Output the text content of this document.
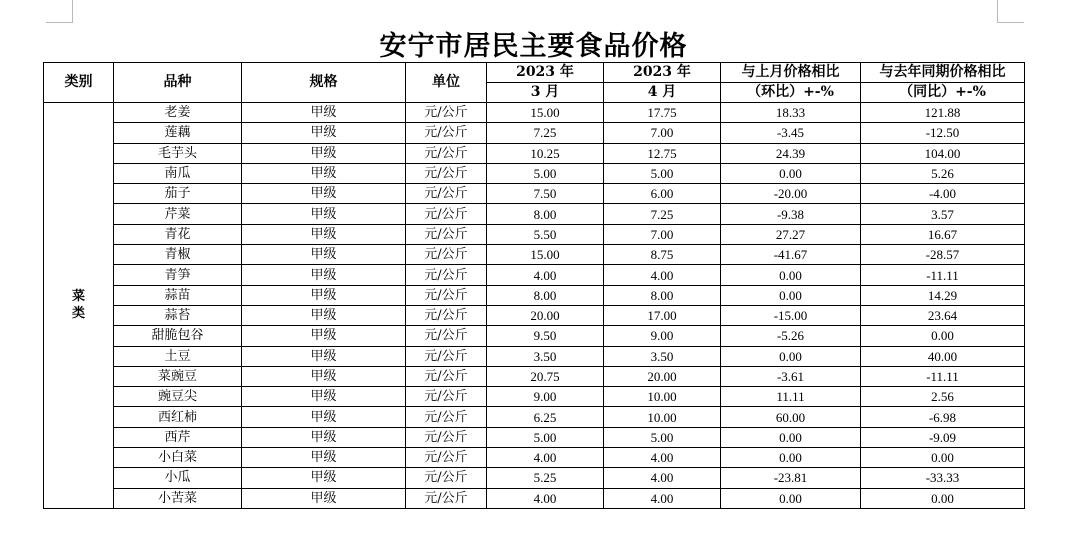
安宁市居民主要食品价格
类别	品种	规格	单位	2023 年	2023 年	与上月价格相比	与去年同期价格相比
				3 月	4 月	（环比）+-%	（同比）+-%

菜
类	老姜	甲级	元/公斤	15.00	17.75	18.33	121.88
	莲藕	甲级	元/公斤	7.25	7.00	-3.45	-12.50
	毛芋头	甲级	元/公斤	10.25	12.75	24.39	104.00
	南瓜	甲级	元/公斤	5.00	5.00	0.00	5.26
	茄子	甲级	元/公斤	7.50	6.00	-20.00	-4.00
	芹菜	甲级	元/公斤	8.00	7.25	-9.38	3.57
	青花	甲级	元/公斤	5.50	7.00	27.27	16.67
	青椒	甲级	元/公斤	15.00	8.75	-41.67	-28.57
	青笋	甲级	元/公斤	4.00	4.00	0.00	-11.11
	蒜苗	甲级	元/公斤	8.00	8.00	0.00	14.29
	蒜苔	甲级	元/公斤	20.00	17.00	-15.00	23.64
	甜脆包谷	甲级	元/公斤	9.50	9.00	-5.26	0.00
	土豆	甲级	元/公斤	3.50	3.50	0.00	40.00
	菜豌豆	甲级	元/公斤	20.75	20.00	-3.61	-11.11
	豌豆尖	甲级	元/公斤	9.00	10.00	11.11	2.56
	西红柿	甲级	元/公斤	6.25	10.00	60.00	-6.98
	西芹	甲级	元/公斤	5.00	5.00	0.00	-9.09
	小白菜	甲级	元/公斤	4.00	4.00	0.00	0.00
	小瓜	甲级	元/公斤	5.25	4.00	-23.81	-33.33
	小苦菜	甲级	元/公斤	4.00	4.00	0.00	0.00
